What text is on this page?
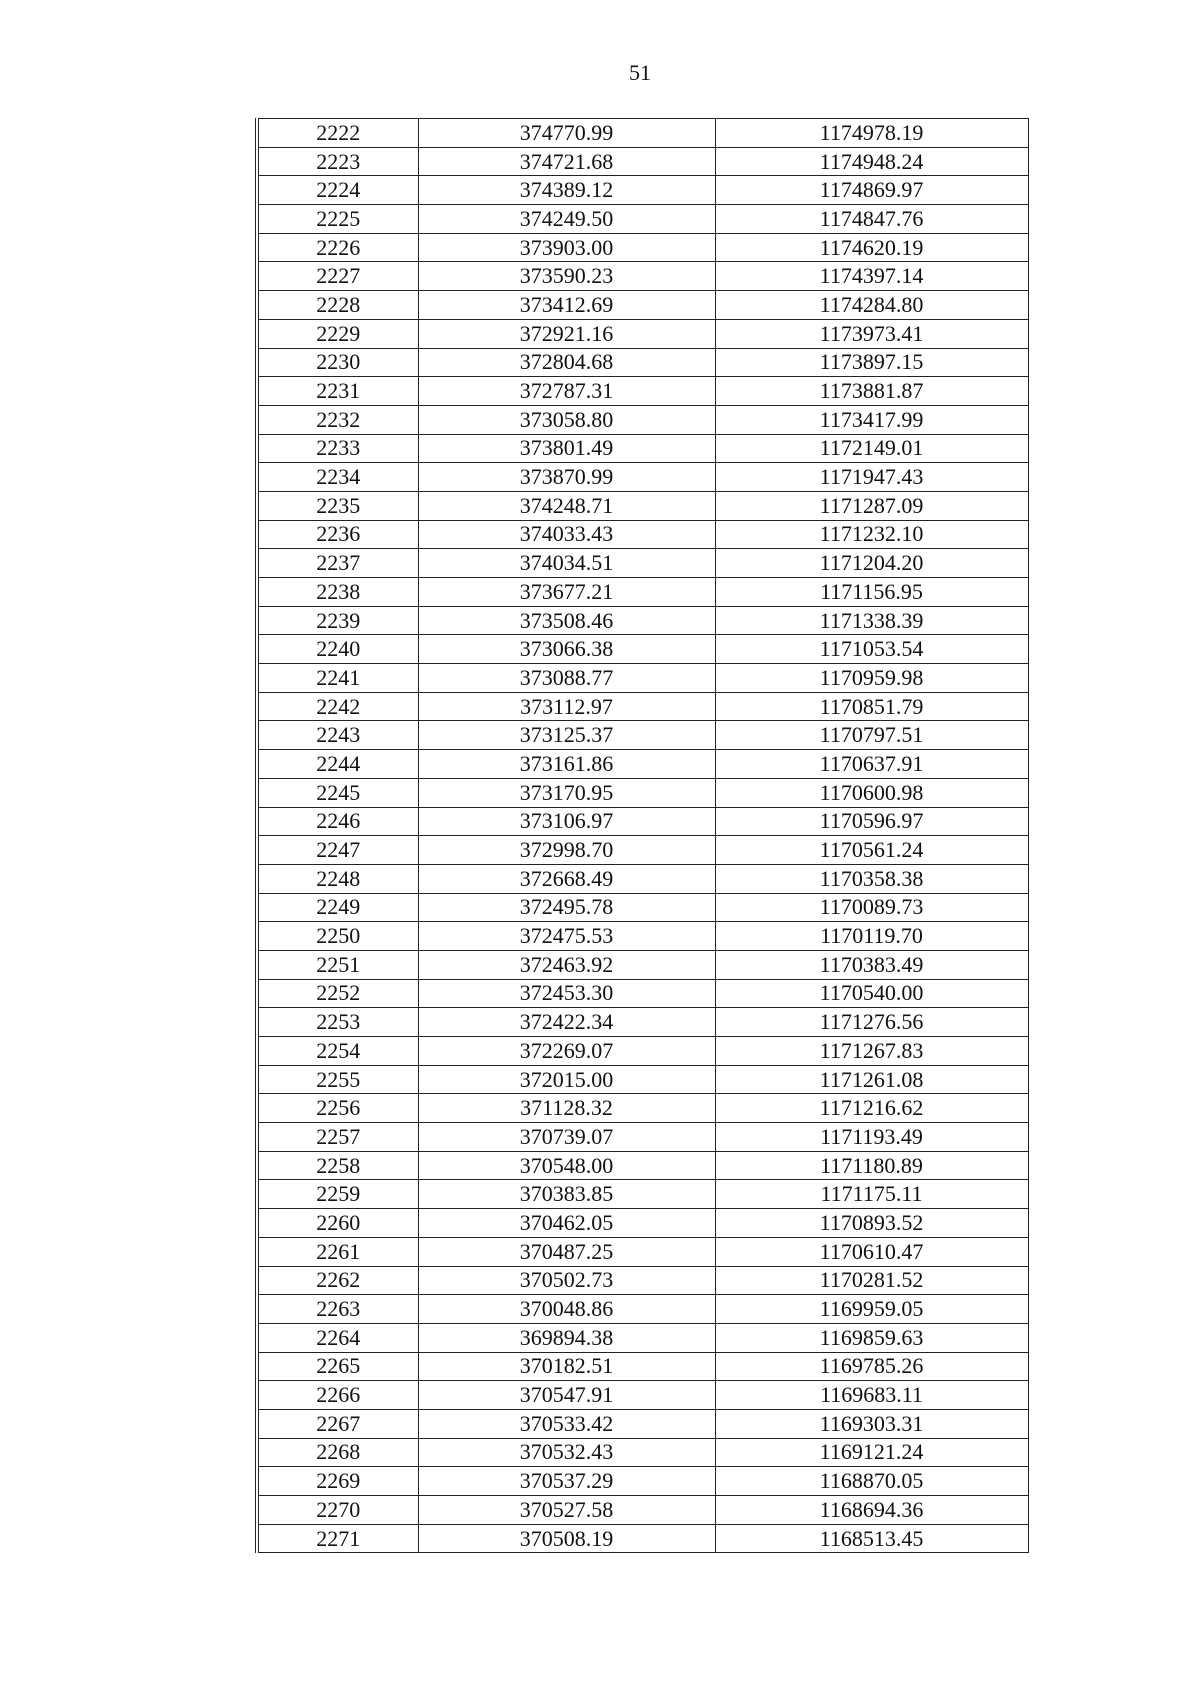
51
2222	374770.99	1174978.19
2223	374721.68	1174948.24
2224	374389.12	1174869.97
2225	374249.50	1174847.76
2226	373903.00	1174620.19
2227	373590.23	1174397.14
2228	373412.69	1174284.80
2229	372921.16	1173973.41
2230	372804.68	1173897.15
2231	372787.31	1173881.87
2232	373058.80	1173417.99
2233	373801.49	1172149.01
2234	373870.99	1171947.43
2235	374248.71	1171287.09
2236	374033.43	1171232.10
2237	374034.51	1171204.20
2238	373677.21	1171156.95
2239	373508.46	1171338.39
2240	373066.38	1171053.54
2241	373088.77	1170959.98
2242	373112.97	1170851.79
2243	373125.37	1170797.51
2244	373161.86	1170637.91
2245	373170.95	1170600.98
2246	373106.97	1170596.97
2247	372998.70	1170561.24
2248	372668.49	1170358.38
2249	372495.78	1170089.73
2250	372475.53	1170119.70
2251	372463.92	1170383.49
2252	372453.30	1170540.00
2253	372422.34	1171276.56
2254	372269.07	1171267.83
2255	372015.00	1171261.08
2256	371128.32	1171216.62
2257	370739.07	1171193.49
2258	370548.00	1171180.89
2259	370383.85	1171175.11
2260	370462.05	1170893.52
2261	370487.25	1170610.47
2262	370502.73	1170281.52
2263	370048.86	1169959.05
2264	369894.38	1169859.63
2265	370182.51	1169785.26
2266	370547.91	1169683.11
2267	370533.42	1169303.31
2268	370532.43	1169121.24
2269	370537.29	1168870.05
2270	370527.58	1168694.36
2271	370508.19	1168513.45
